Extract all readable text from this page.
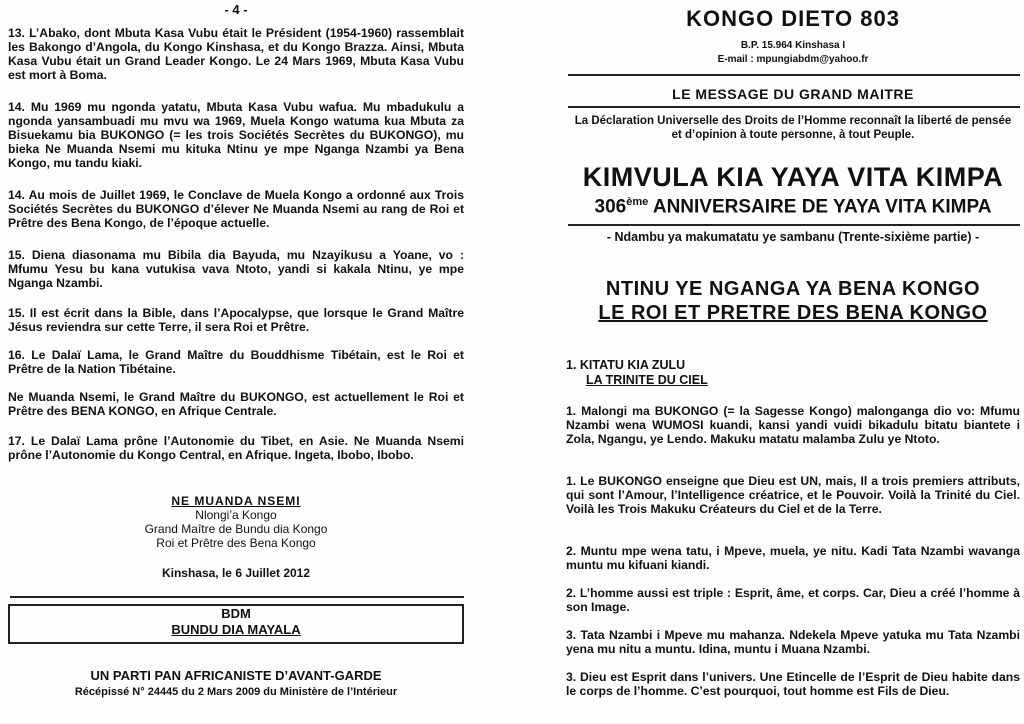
- 4 -

13. L’Abako, dont Mbuta Kasa Vubu était le Président (1954-1960) rassemblait les Bakongo d’Angola, du Kongo Kinshasa, et du Kongo Brazza. Ainsi, Mbuta Kasa Vubu était un Grand Leader Kongo. Le 24 Mars 1969, Mbuta Kasa Vubu est mort à Boma.

14. Mu 1969 mu ngonda yatatu, Mbuta Kasa Vubu wafua. Mu mbadukulu a ngonda yansambuadi mu mvu wa 1969, Muela Kongo watuma kua Mbuta za Bisuekamu bia BUKONGO (= les trois Sociétés Secrètes du BUKONGO), mu bieka Ne Muanda Nsemi mu kituka Ntinu ye mpe Nganga Nzambi ya Bena Kongo, mu tandu kiaki.

14. Au mois de Juillet 1969, le Conclave de Muela Kongo a ordonné aux Trois Sociétés Secrètes du BUKONGO d’élever Ne Muanda Nsemi au rang de Roi et Prêtre des Bena Kongo, de l’époque actuelle.

15. Diena diasonama mu Bibila dia Bayuda, mu Nzayikusu a Yoane, vo : Mfumu Yesu bu kana vutukisa vava Ntoto, yandi si kakala Ntinu, ye mpe Nganga Nzambi.

15. Il est écrit dans la Bible, dans l’Apocalypse, que lorsque le Grand Maître Jésus reviendra sur cette Terre, il sera Roi et Prêtre.

16. Le Dalaï Lama, le Grand Maître du Bouddhisme Tibétain, est le Roi et Prêtre de la Nation Tibétaine.

Ne Muanda Nsemi, le Grand Maître du BUKONGO, est actuellement le Roi et Prêtre des BENA KONGO, en Afrique Centrale.

17. Le Dalaï Lama prône l’Autonomie du Tibet, en Asie. Ne Muanda Nsemi prône l’Autonomie du Kongo Central, en Afrique. Ingeta, Ibobo, Ibobo.

NE MUANDA NSEMI
Nlongi’a Kongo
Grand Maître de Bundu dia Kongo
Roi et Prêtre des Bena Kongo
Kinshasa, le 6 Juillet 2012
BDM
BUNDU DIA MAYALA
UN PARTI PAN AFRICANISTE D’AVANT-GARDE
Récépissé N° 24445 du 2 Mars 2009 du Ministère de l’Intérieur
KONGO DIETO 803
B.P. 15.964 Kinshasa I
E-mail : mpungiabdm@yahoo.fr
LE MESSAGE DU GRAND MAITRE
La Déclaration Universelle des Droits de l’Homme reconnaît la liberté de pensée et d’opinion à toute personne, à tout Peuple.
KIMVULA KIA YAYA VITA KIMPA
306ème ANNIVERSAIRE DE YAYA VITA KIMPA
- Ndambu ya makumatatu ye sambanu (Trente-sixième partie) -
NTINU YE NGANGA YA BENA KONGO
LE ROI ET PRETRE DES BENA KONGO
1. KITATU KIA ZULU
LA TRINITE DU CIEL

1. Malongi ma BUKONGO (= la Sagesse Kongo) malonganga dio vo: Mfumu Nzambi wena WUMOSI kuandi, kansi yandi vuidi bikadulu bitatu biantete i Zola, Ngangu, ye Lendo. Makuku matatu malamba Zulu ye Ntoto.

1. Le BUKONGO enseigne que Dieu est UN, mais, Il a trois premiers attributs, qui sont l’Amour, l’Intelligence créatrice, et le Pouvoir. Voilà la Trinité du Ciel. Voilà les Trois Makuku Créateurs du Ciel et de la Terre.

2. Muntu mpe wena tatu, i Mpeve, muela, ye nitu. Kadi Tata Nzambi wavanga muntu mu kifuani kiandi.

2. L’homme aussi est triple : Esprit, âme, et corps. Car, Dieu a créé l’homme à son Image.

3. Tata Nzambi i Mpeve mu mahanza. Ndekela Mpeve yatuka mu Tata Nzambi yena mu nitu a muntu. Idina, muntu i Muana Nzambi.

3. Dieu est Esprit dans l’univers. Une Etincelle de l’Esprit de Dieu habite dans le corps de l’homme. C’est pourquoi, tout homme est Fils de Dieu.
